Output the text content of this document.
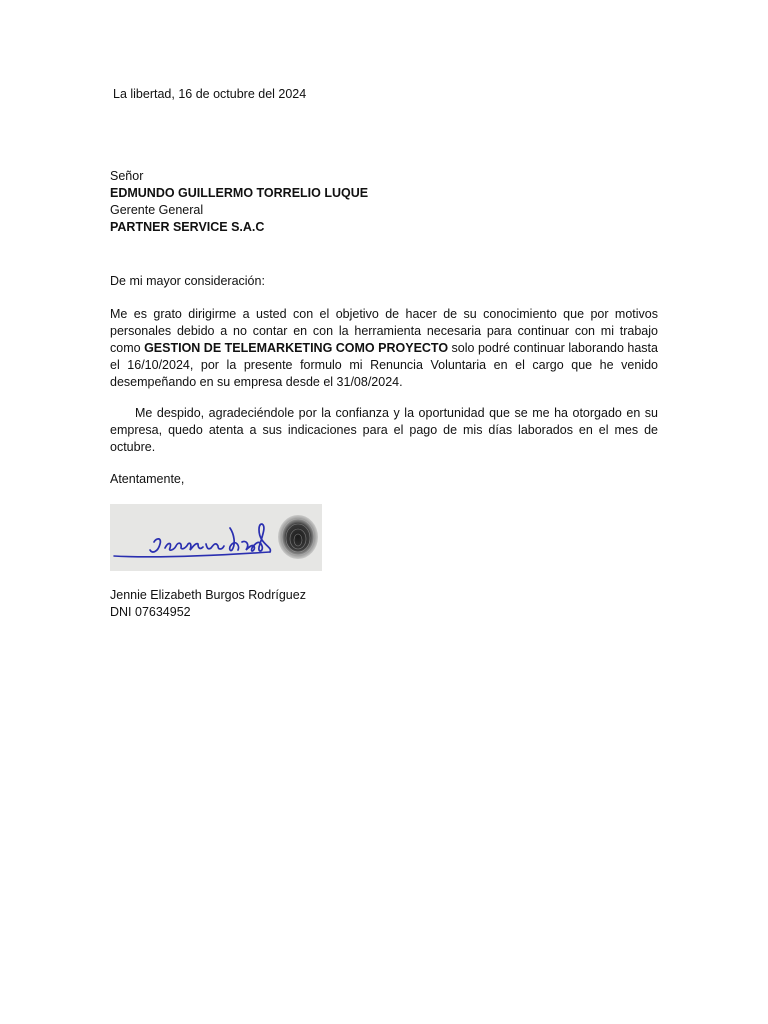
La libertad, 16 de octubre del 2024
Señor
EDMUNDO GUILLERMO TORRELIO LUQUE
Gerente General
PARTNER SERVICE S.A.C
De mi mayor consideración:
Me es grato dirigirme a usted con el objetivo de hacer de su conocimiento que por motivos personales debido a no contar en con la herramienta necesaria para continuar con mi trabajo como GESTION DE TELEMARKETING COMO PROYECTO solo podré continuar laborando hasta el 16/10/2024, por la presente formulo mi Renuncia Voluntaria en el cargo que he venido desempeñando en su empresa desde el 31/08/2024.
Me despido, agradeciéndole por la confianza y la oportunidad que se me ha otorgado en su empresa, quedo atenta a sus indicaciones para el pago de mis días laborados en el mes de octubre.
Atentamente,
Jennie Elizabeth Burgos Rodríguez
DNI 07634952
